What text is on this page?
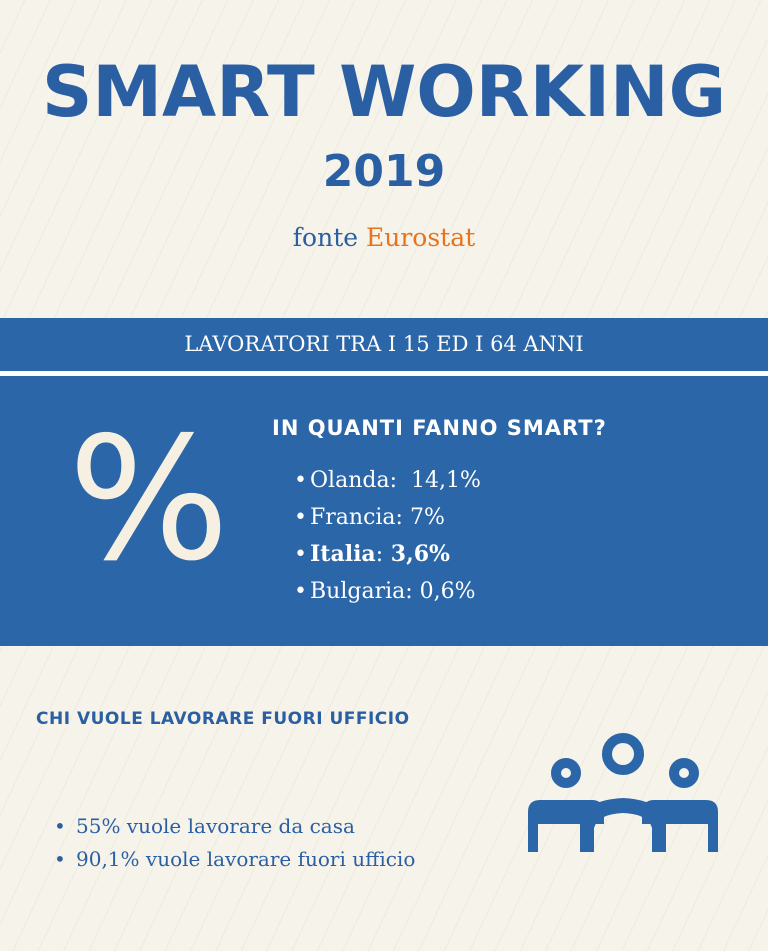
SMART WORKING
2019
fonte Eurostat
LAVORATORI TRA I 15 ED I 64 ANNI
% IN QUANTI FANNO SMART?
• Olanda:  14,1%
• Francia: 7%
• Italia: 3,6%
• Bulgaria: 0,6%
CHI VUOLE LAVORARE FUORI UFFICIO
• 55% vuole lavorare da casa
• 90,1% vuole lavorare fuori ufficio
